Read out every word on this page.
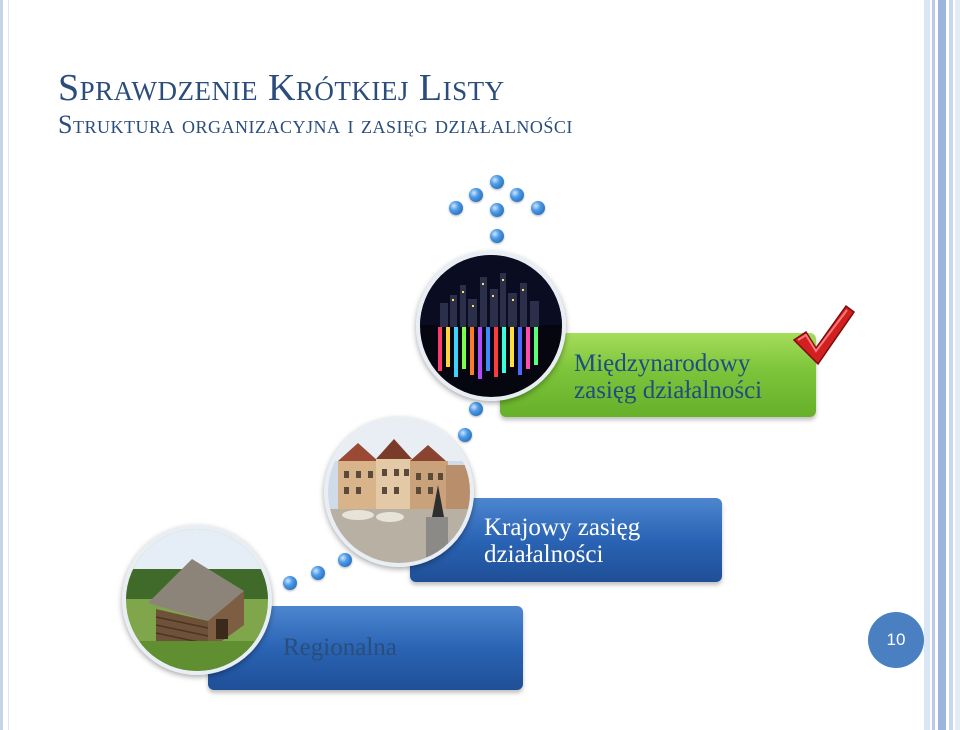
Sprawdzenie Krótkiej Listy
Struktura organizacyjna i zasięg działalności
Międzynarodowy
zasięg działalności
Krajowy zasięg
działalności
Regionalna	10
